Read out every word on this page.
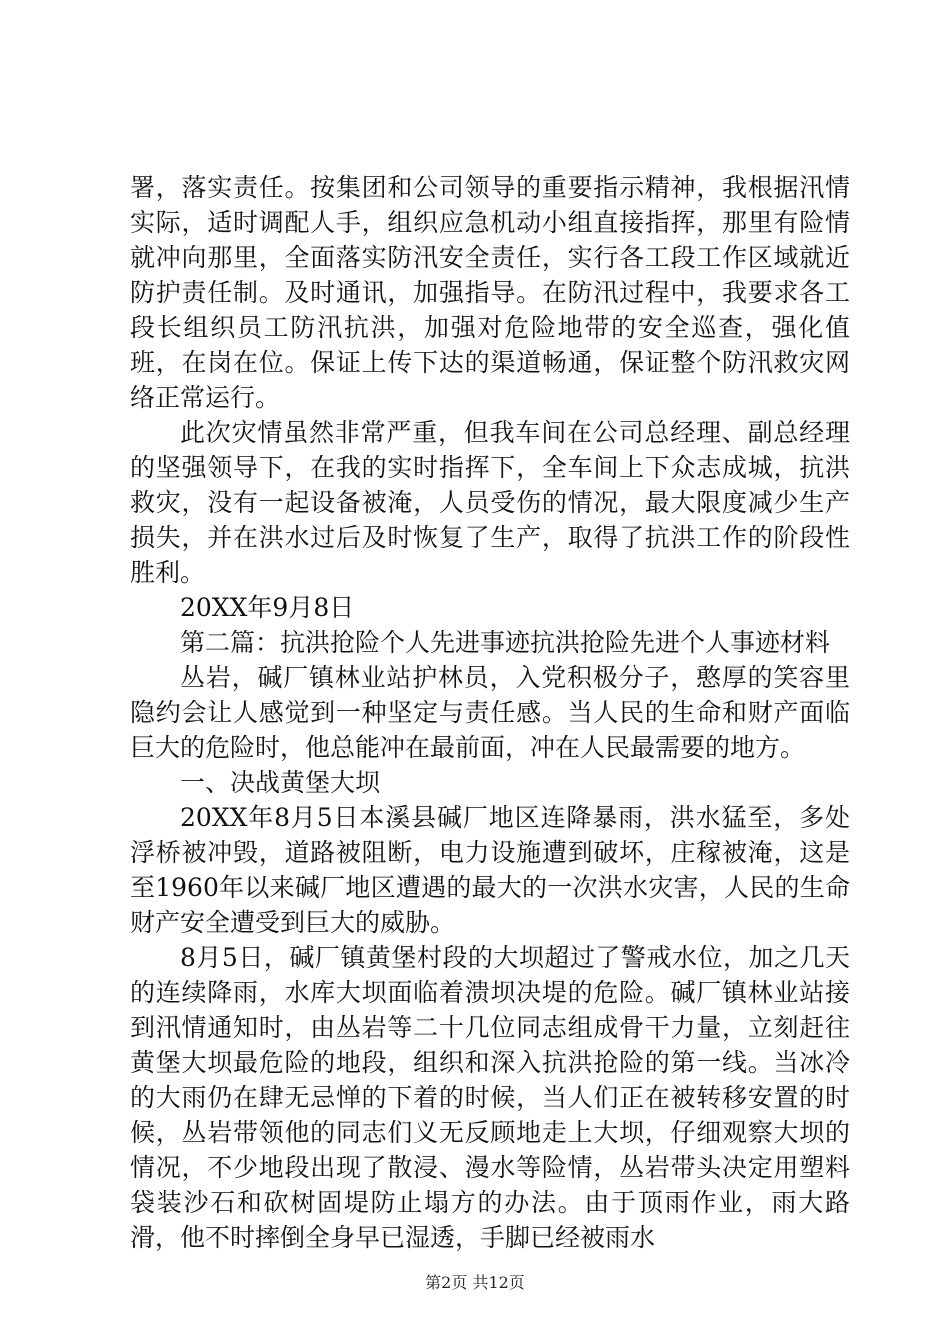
署，落实责任。按集团和公司领导的重要指示精神，我根据汛情实际，适时调配人手，组织应急机动小组直接指挥，那里有险情就冲向那里，全面落实防汛安全责任，实行各工段工作区域就近防护责任制。及时通讯，加强指导。在防汛过程中，我要求各工段长组织员工防汛抗洪，加强对危险地带的安全巡查，强化值班，在岗在位。保证上传下达的渠道畅通，保证整个防汛救灾网络正常运行。

此次灾情虽然非常严重，但我车间在公司总经理、副总经理的坚强领导下，在我的实时指挥下，全车间上下众志成城，抗洪救灾，没有一起设备被淹，人员受伤的情况，最大限度减少生产损失，并在洪水过后及时恢复了生产，取得了抗洪工作的阶段性胜利。

20XX年9月8日

第二篇：抗洪抢险个人先进事迹抗洪抢险先进个人事迹材料

丛岩，碱厂镇林业站护林员，入党积极分子，憨厚的笑容里隐约会让人感觉到一种坚定与责任感。当人民的生命和财产面临巨大的危险时，他总能冲在最前面，冲在人民最需要的地方。

一、决战黄堡大坝

20XX年8月5日本溪县碱厂地区连降暴雨，洪水猛至，多处浮桥被冲毁，道路被阻断，电力设施遭到破坏，庄稼被淹，这是至1960年以来碱厂地区遭遇的最大的一次洪水灾害，人民的生命财产安全遭受到巨大的威胁。

8月5日，碱厂镇黄堡村段的大坝超过了警戒水位，加之几天的连续降雨，水库大坝面临着溃坝决堤的危险。碱厂镇林业站接到汛情通知时，由丛岩等二十几位同志组成骨干力量，立刻赶往黄堡大坝最危险的地段，组织和深入抗洪抢险的第一线。当冰冷的大雨仍在肆无忌惮的下着的时候，当人们正在被转移安置的时候，丛岩带领他的同志们义无反顾地走上大坝，仔细观察大坝的情况，不少地段出现了散浸、漫水等险情，丛岩带头决定用塑料袋装沙石和砍树固堤防止塌方的办法。由于顶雨作业，雨大路滑，他不时摔倒全身早已湿透，手脚已经被雨水

第2页 共12页
